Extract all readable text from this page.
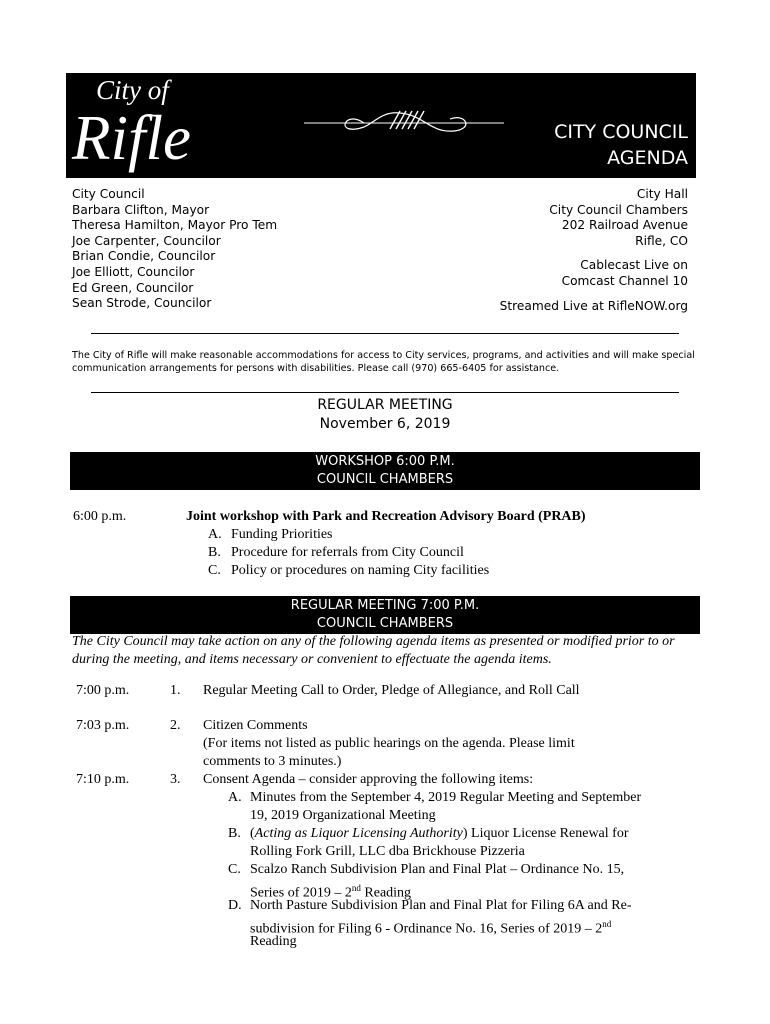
City of
Rifle	CITY COUNCIL
AGENDA
City Council
Barbara Clifton, Mayor
Theresa Hamilton, Mayor Pro Tem
Joe Carpenter, Councilor
Brian Condie, Councilor
Joe Elliott, Councilor
Ed Green, Councilor
Sean Strode, Councilor
City Hall
City Council Chambers
202 Railroad Avenue
Rifle, CO
Cablecast Live on
Comcast Channel 10
Streamed Live at RifleNOW.org
The City of Rifle will make reasonable accommodations for access to City services, programs, and activities and will make special communication arrangements for persons with disabilities. Please call (970) 665-6405 for assistance.
REGULAR MEETING
November 6, 2019
WORKSHOP 6:00 P.M.
COUNCIL CHAMBERS
6:00 p.m.	Joint workshop with Park and Recreation Advisory Board (PRAB)
A. Funding Priorities
B. Procedure for referrals from City Council
C. Policy or procedures on naming City facilities
REGULAR MEETING 7:00 P.M.
COUNCIL CHAMBERS
The City Council may take action on any of the following agenda items as presented or modified prior to or during the meeting, and items necessary or convenient to effectuate the agenda items.
7:00 p.m.	1. Regular Meeting Call to Order, Pledge of Allegiance, and Roll Call
7:03 p.m.	2. Citizen Comments
(For items not listed as public hearings on the agenda. Please limit
comments to 3 minutes.)
7:10 p.m.	3. Consent Agenda – consider approving the following items:
A. Minutes from the September 4, 2019 Regular Meeting and September
19, 2019 Organizational Meeting
B. (Acting as Liquor Licensing Authority) Liquor License Renewal for
Rolling Fork Grill, LLC dba Brickhouse Pizzeria
C. Scalzo Ranch Subdivision Plan and Final Plat – Ordinance No. 15,
Series of 2019 – 2nd Reading
D. North Pasture Subdivision Plan and Final Plat for Filing 6A and Re-
subdivision for Filing 6 - Ordinance No. 16, Series of 2019 – 2nd
Reading
